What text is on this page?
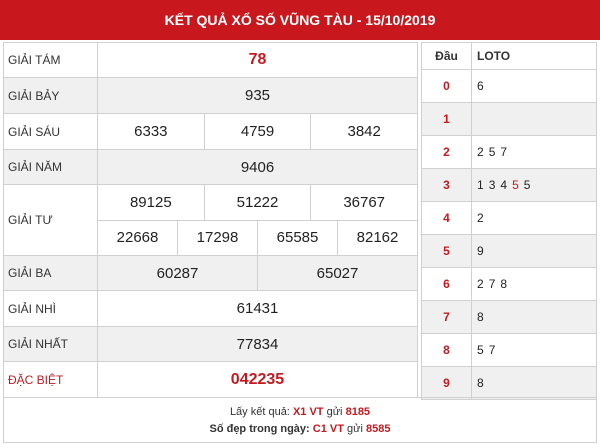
KẾT QUẢ XỔ SỐ VŨNG TÀU - 15/10/2019
GIẢI TÁM	78
GIẢI BẢY	935
GIẢI SÁU	6333	4759	3842
GIẢI NĂM	9406
GIẢI TƯ
89125	51222	36767
22668	17298	65585	82162
GIẢI BA	60287	65027
GIẢI NHÌ	61431
GIẢI NHẤT	77834
ĐẶC BIỆT	042235
Đầu	LOTO
0	6
1
2	2 5 7
3	1 3 4 5 5
4	2
5	9
6	2 7 8
7	8
8	5 7
9	8
Lấy kết quả: X1 VT gửi 8185
Số đẹp trong ngày: C1 VT gửi 8585
